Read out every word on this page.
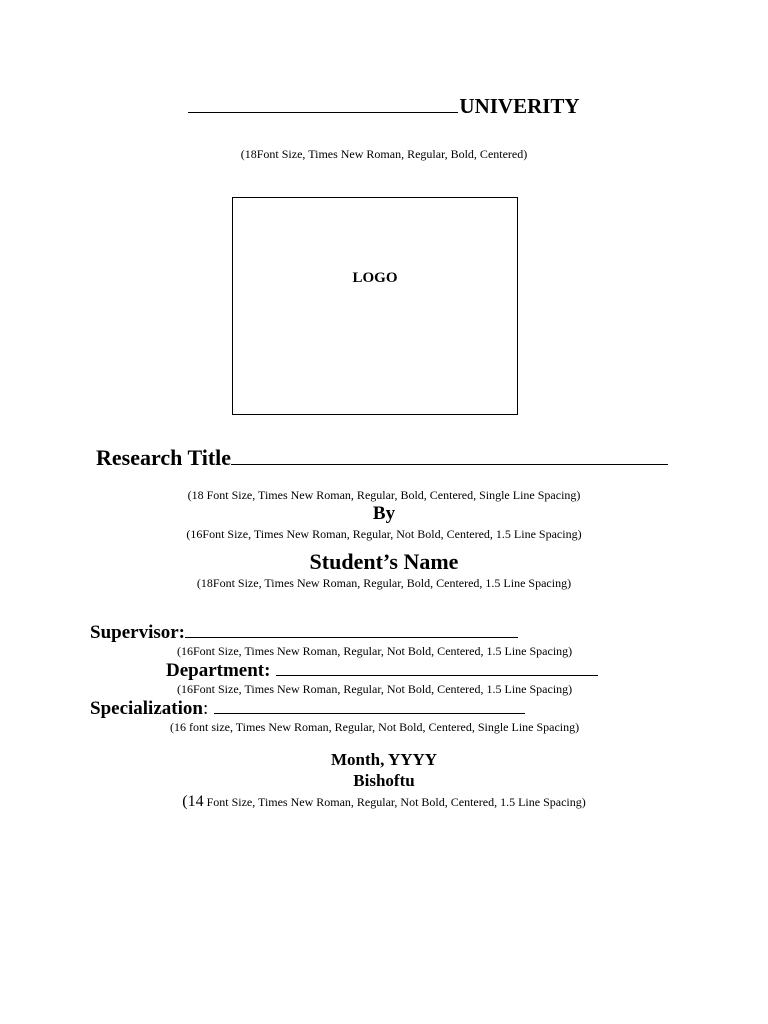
UNIVERITY
(18Font Size, Times New Roman, Regular, Bold, Centered)
LOGO
Research Title
(18 Font Size, Times New Roman, Regular, Bold, Centered, Single Line Spacing)
By
(16Font Size, Times New Roman, Regular, Not Bold, Centered, 1.5 Line Spacing)
Student’s Name
(18Font Size, Times New Roman, Regular, Bold, Centered, 1.5 Line Spacing)
Supervisor:
(16Font Size, Times New Roman, Regular, Not Bold, Centered, 1.5 Line Spacing)
Department:
(16Font Size, Times New Roman, Regular, Not Bold, Centered, 1.5 Line Spacing)
Specialization:
(16 font size, Times New Roman, Regular, Not Bold, Centered, Single Line Spacing)
Month, YYYY
Bishoftu
(14 Font Size, Times New Roman, Regular, Not Bold, Centered, 1.5 Line Spacing)
